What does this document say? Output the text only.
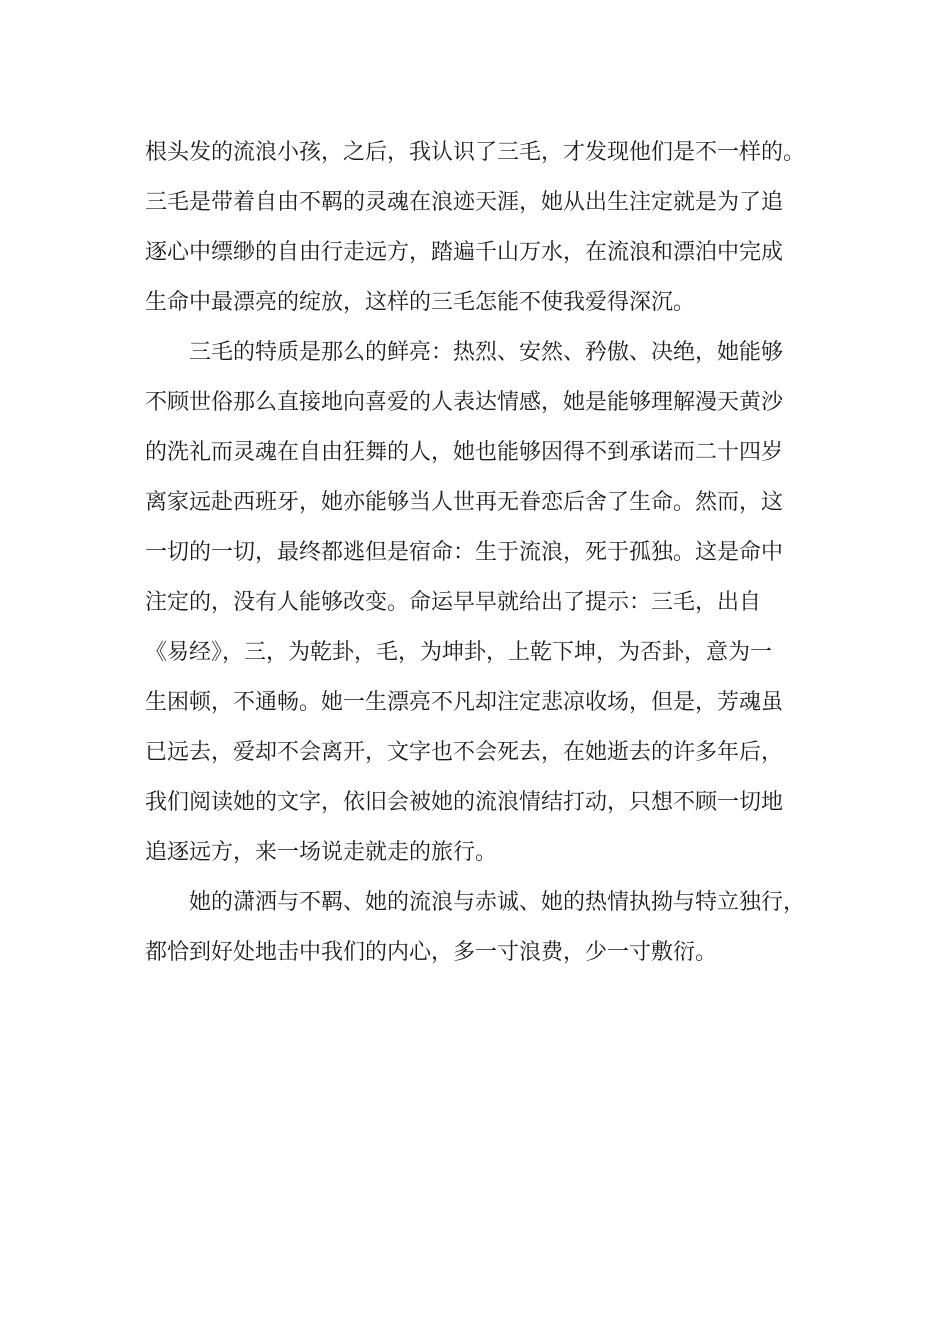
根头发的流浪小孩，之后，我认识了三毛，才发现他们是不一样的。
三毛是带着自由不羁的灵魂在浪迹天涯，她从出生注定就是为了追
逐心中缥缈的自由行走远方，踏遍千山万水，在流浪和漂泊中完成
生命中最漂亮的绽放，这样的三毛怎能不使我爱得深沉。
三毛的特质是那么的鲜亮：热烈、安然、矜傲、决绝，她能够
不顾世俗那么直接地向喜爱的人表达情感，她是能够理解漫天黄沙
的洗礼而灵魂在自由狂舞的人，她也能够因得不到承诺而二十四岁
离家远赴西班牙，她亦能够当人世再无眷恋后舍了生命。然而，这
一切的一切，最终都逃但是宿命：生于流浪，死于孤独。这是命中
注定的，没有人能够改变。命运早早就给出了提示：三毛，出自
《易经》，三，为乾卦，毛，为坤卦，上乾下坤，为否卦，意为一
生困顿，不通畅。她一生漂亮不凡却注定悲凉收场，但是，芳魂虽
已远去，爱却不会离开，文字也不会死去，在她逝去的许多年后，
我们阅读她的文字，依旧会被她的流浪情结打动，只想不顾一切地
追逐远方，来一场说走就走的旅行。
她的潇洒与不羁、她的流浪与赤诚、她的热情执拗与特立独行，
都恰到好处地击中我们的内心，多一寸浪费，少一寸敷衍。
